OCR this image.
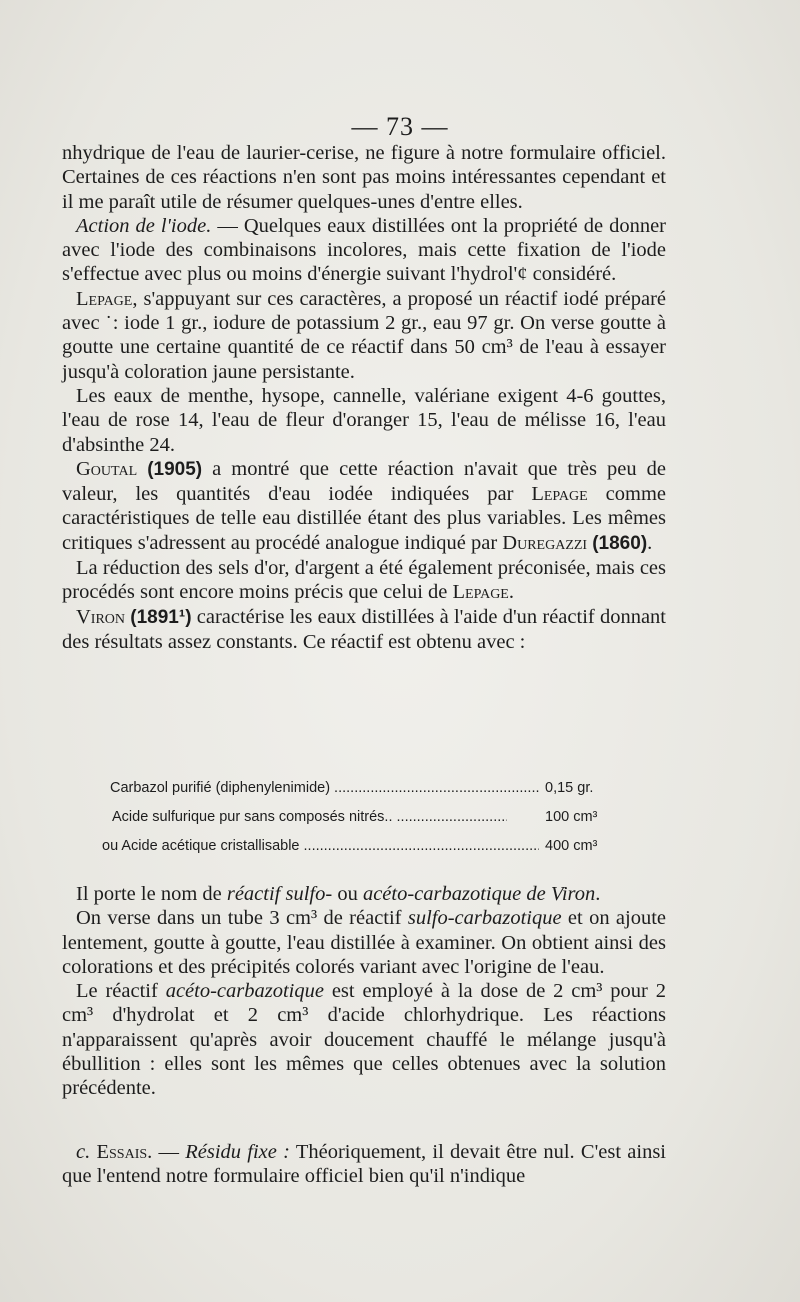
— 73 —

nhydrique de l'eau de laurier-cerise, ne figure à notre formulaire officiel. Certaines de ces réactions n'en sont pas moins intéressantes cependant et il me paraît utile de résumer quelques-unes d'entre elles.

Action de l'iode. — Quelques eaux distillées ont la propriété de donner avec l'iode des combinaisons incolores, mais cette fixation de l'iode s'effectue avec plus ou moins d'énergie suivant l'hydrol'¢ considéré.

Lepage, s'appuyant sur ces caractères, a proposé un réactif iodé préparé avec ˙: iode 1 gr., iodure de potassium 2 gr., eau 97 gr. On verse goutte à goutte une certaine quantité de ce réactif dans 50 cm³ de l'eau à essayer jusqu'à coloration jaune persistante.

Les eaux de menthe, hysope, cannelle, valériane exigent 4-6 gouttes, l'eau de rose 14, l'eau de fleur d'oranger 15, l'eau de mélisse 16, l'eau d'absinthe 24.

Goutal (1905) a montré que cette réaction n'avait que très peu de valeur, les quantités d'eau iodée indiquées par Lepage comme caractéristiques de telle eau distillée étant des plus variables. Les mêmes critiques s'adressent au procédé analogue indiqué par Duregazzi (1860).

La réduction des sels d'or, d'argent a été également préconisée, mais ces procédés sont encore moins précis que celui de Lepage.

Viron (1891¹) caractérise les eaux distillées à l'aide d'un réactif donnant des résultats assez constants. Ce réactif est obtenu avec :

Carbazol purifié (diphenylenimide) .....	0,15 gr.
Acide sulfurique pur sans composés nitrés.. .....	100 cm³
ou Acide acétique cristallisable .....	400 cm³

Il porte le nom de réactif sulfo- ou acéto-carbazotique de Viron.

On verse dans un tube 3 cm³ de réactif sulfo-carbazotique et on ajoute lentement, goutte à goutte, l'eau distillée à examiner. On obtient ainsi des colorations et des précipités colorés variant avec l'origine de l'eau.

Le réactif acéto-carbazotique est employé à la dose de 2 cm³ pour 2 cm³ d'hydrolat et 2 cm³ d'acide chlorhydrique. Les réactions n'apparaissent qu'après avoir doucement chauffé le mélange jusqu'à ébullition : elles sont les mêmes que celles obtenues avec la solution précédente.

c. Essais. — Résidu fixe : Théoriquement, il devait être nul. C'est ainsi que l'entend notre formulaire officiel bien qu'il n'indique
